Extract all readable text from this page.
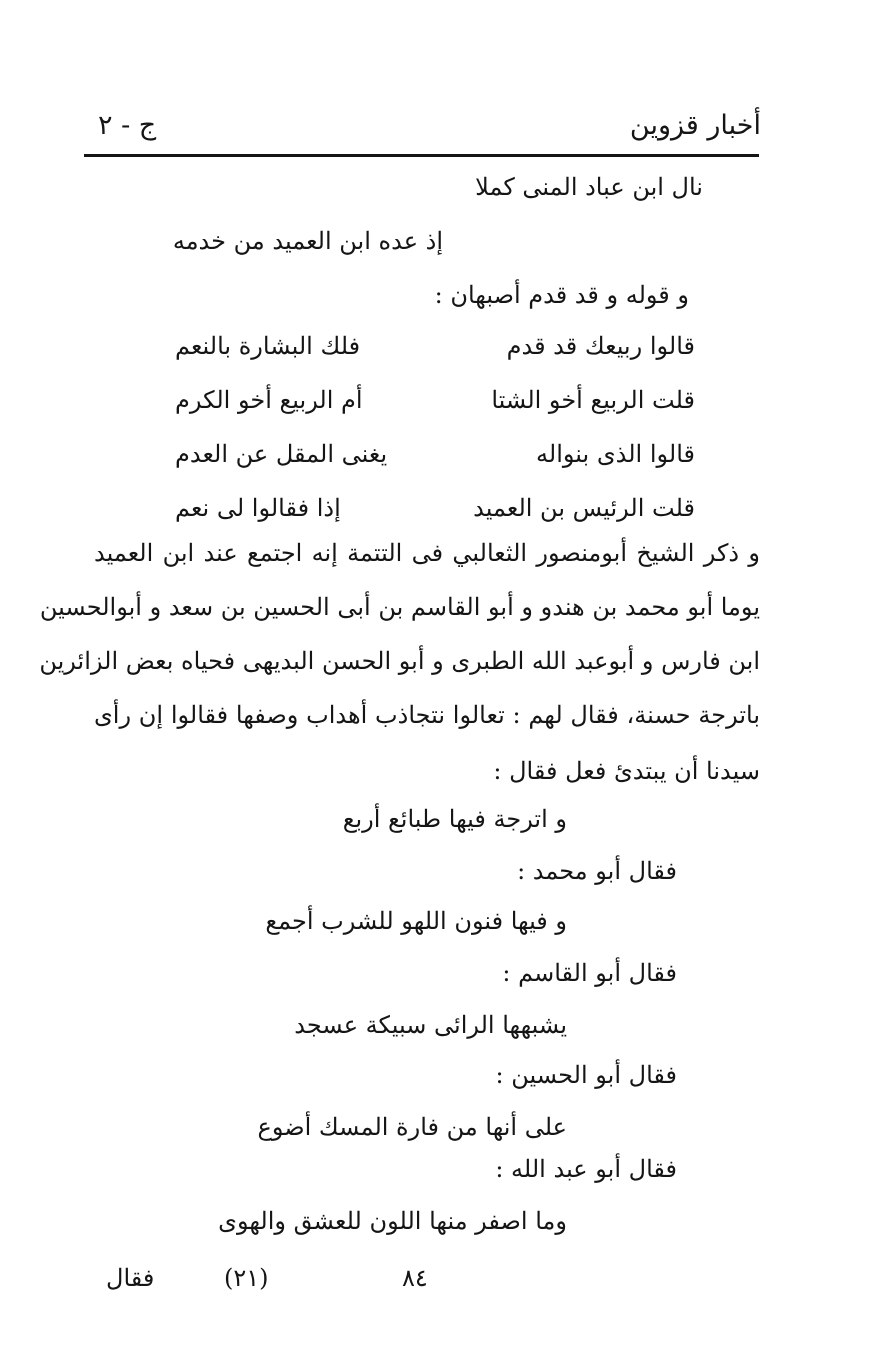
أخبار قزوين
ج - ٢
نال ابن عباد المنى كملا
إذ عده ابن العميد من خدمه
و قوله و قد قدم أصبهان :
قالوا ربيعك قد قدم
فلك البشارة بالنعم
قلت الربيع أخو الشتا
أم الربيع أخو الكرم
قالوا الذى بنواله
يغنى المقل عن العدم
قلت الرئيس بن العميد
إذا فقالوا لى نعم
و ذكر الشيخ أبومنصور الثعالبي فى التتمة إنه اجتمع عند ابن العميد
يوما أبو محمد بن هندو و أبو القاسم بن أبى الحسين بن سعد و أبوالحسين
ابن فارس و أبوعبد الله الطبرى و أبو الحسن البديهى فحياه بعض الزائرين
باترجة حسنة، فقال لهم : تعالوا نتجاذب أهداب وصفها فقالوا إن رأى
سيدنا أن يبتدئ فعل فقال :
و اترجة فيها طبائع أربع
فقال أبو محمد :
و فيها فنون اللهو للشرب أجمع
فقال أبو القاسم :
يشبهها الرائى سبيكة عسجد
فقال أبو الحسين :
على أنها من فارة المسك أضوع
فقال أبو عبد الله :
وما اصفر منها اللون للعشق والهوى
فقال	(٢١)	٨٤
